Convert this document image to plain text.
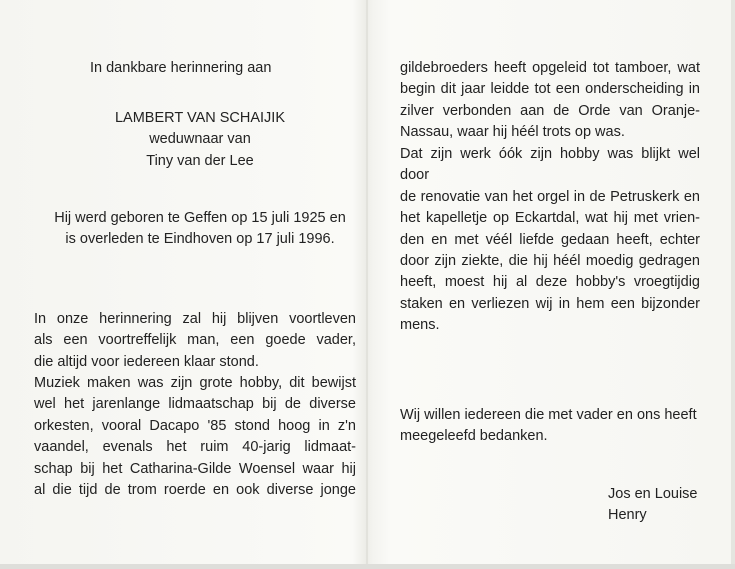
In dankbare herinnering aan
LAMBERT VAN SCHAIJIK
weduwnaar van
Tiny van der Lee
Hij werd geboren te Geffen op 15 juli 1925 en
is overleden te Eindhoven op 17 juli 1996.
In onze herinnering zal hij blijven voortleven
als een voortreffelijk man, een goede vader,
die altijd voor iedereen klaar stond.
Muziek maken was zijn grote hobby, dit bewijst
wel het jarenlange lidmaatschap bij de diverse
orkesten, vooral Dacapo '85 stond hoog in z'n
vaandel, evenals het ruim 40-jarig lidmaat-
schap bij het Catharina-Gilde Woensel waar hij
al die tijd de trom roerde en ook diverse jonge
gildebroeders heeft opgeleid tot tamboer, wat
begin dit jaar leidde tot een onderscheiding in
zilver verbonden aan de Orde van Oranje-
Nassau, waar hij héél trots op was.
Dat zijn werk óók zijn hobby was blijkt wel door
de renovatie van het orgel in de Petruskerk en
het kapelletje op Eckartdal, wat hij met vrien-
den en met véél liefde gedaan heeft, echter
door zijn ziekte, die hij héél moedig gedragen
heeft, moest hij al deze hobby's vroegtijdig
staken en verliezen wij in hem een bijzonder
mens.
Wij willen iedereen die met vader en ons heeft
meegeleefd bedanken.
Jos en Louise
Henry
